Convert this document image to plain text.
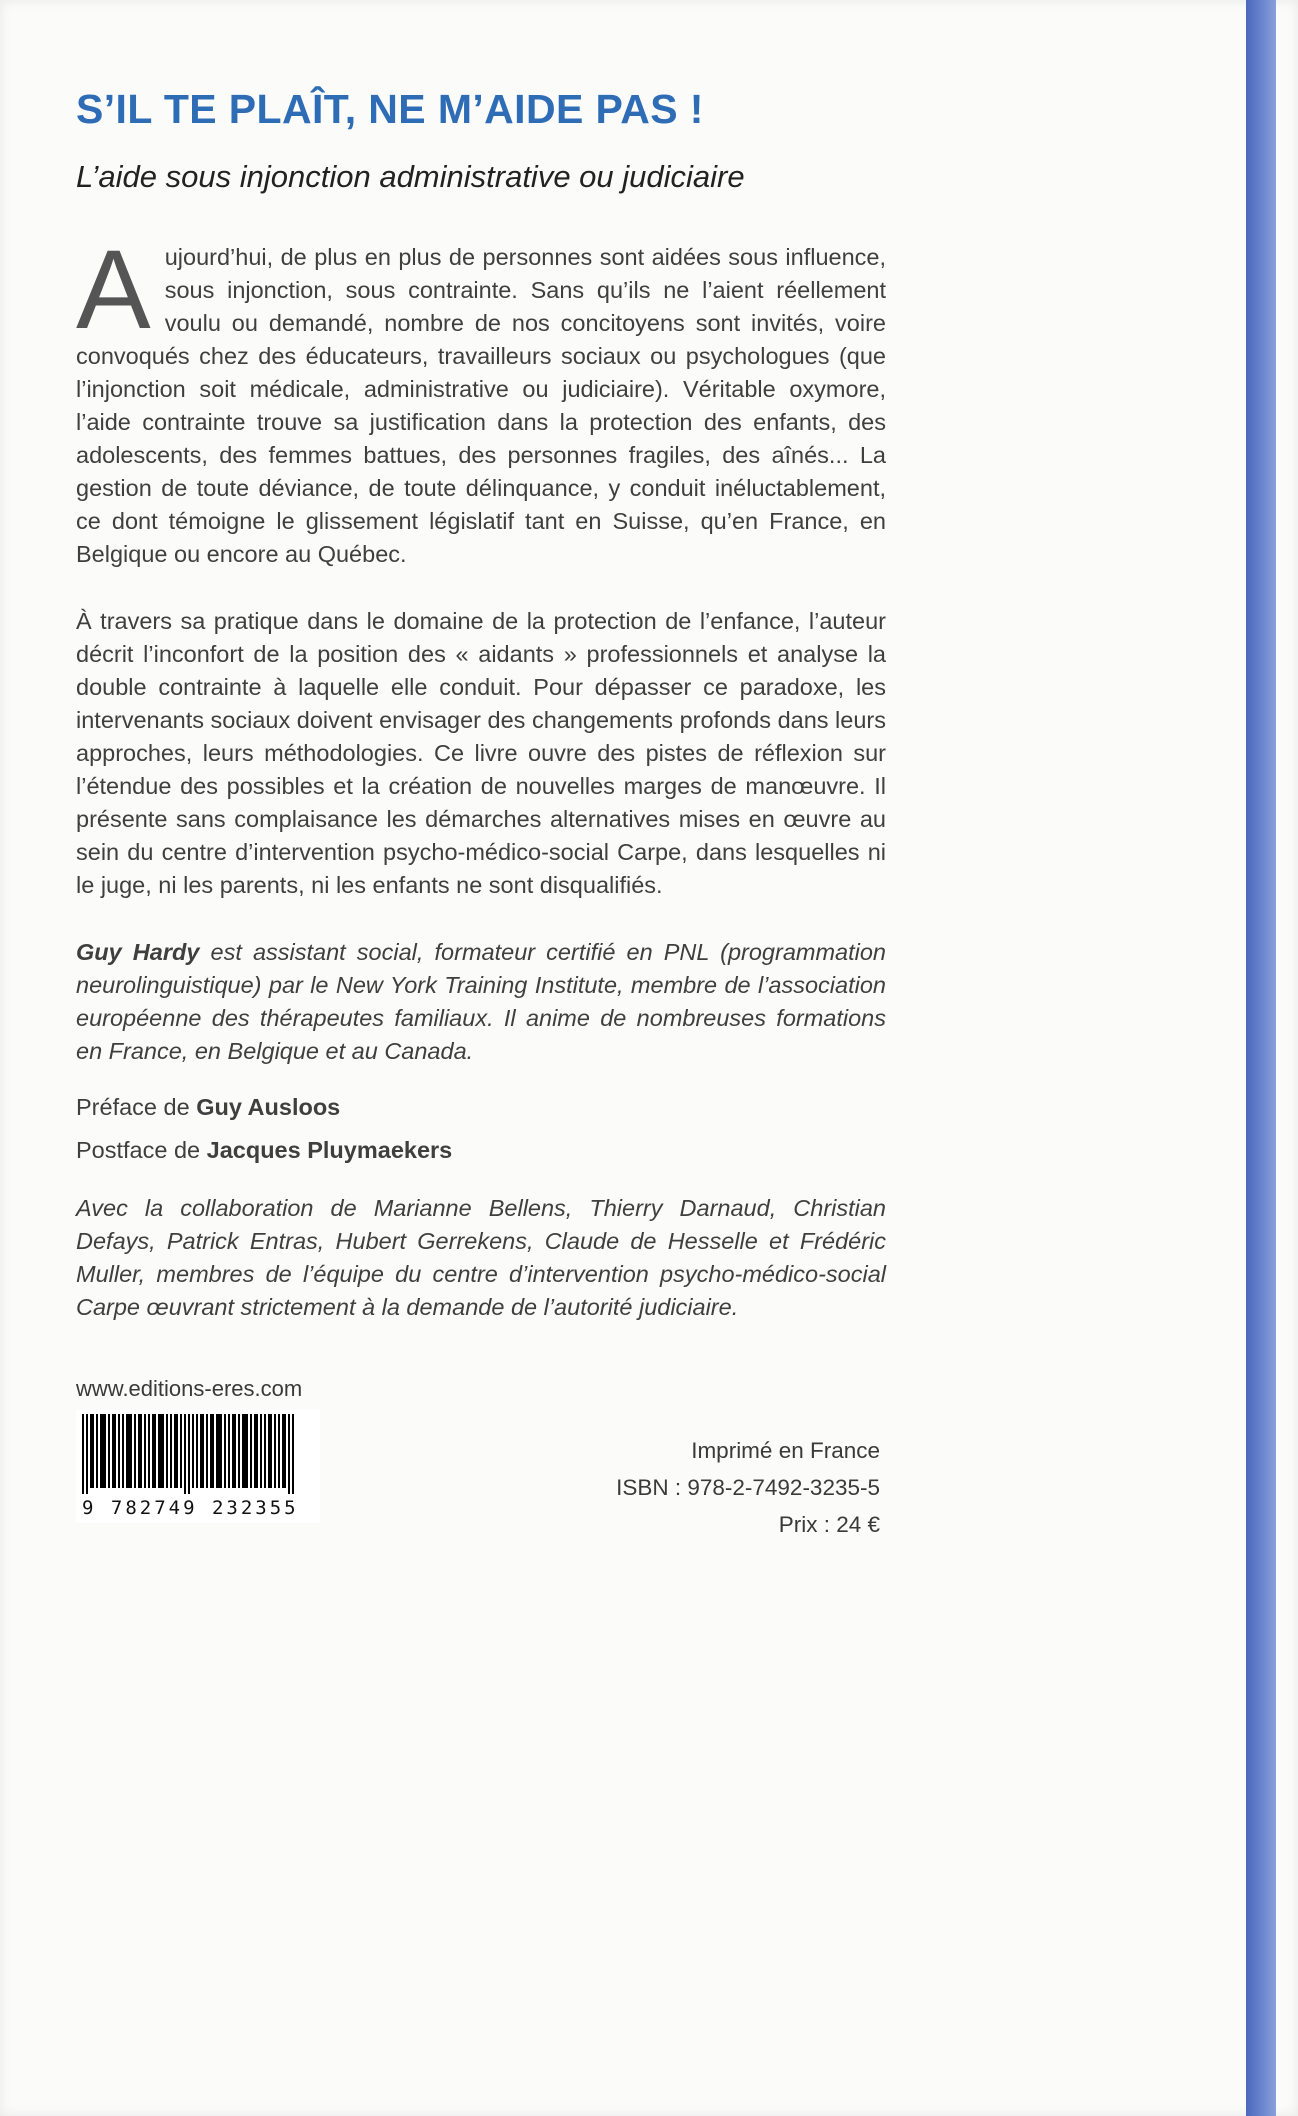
S’IL TE PLAÎT, NE M’AIDE PAS !
L’aide sous injonction administrative ou judiciaire

Aujourd’hui, de plus en plus de personnes sont aidées sous influence, sous injonction, sous contrainte. Sans qu’ils ne l’aient réellement voulu ou demandé, nombre de nos concitoyens sont invités, voire convoqués chez des éducateurs, travailleurs sociaux ou psychologues (que l’injonction soit médicale, administrative ou judiciaire). Véritable oxymore, l’aide contrainte trouve sa justification dans la protection des enfants, des adolescents, des femmes battues, des personnes fragiles, des aînés... La gestion de toute déviance, de toute délinquance, y conduit inéluctablement, ce dont témoigne le glissement législatif tant en Suisse, qu’en France, en Belgique ou encore au Québec.

À travers sa pratique dans le domaine de la protection de l’enfance, l’auteur décrit l’inconfort de la position des « aidants » professionnels et analyse la double contrainte à laquelle elle conduit. Pour dépasser ce paradoxe, les intervenants sociaux doivent envisager des changements profonds dans leurs approches, leurs méthodologies. Ce livre ouvre des pistes de réflexion sur l’étendue des possibles et la création de nouvelles marges de manœuvre. Il présente sans complaisance les démarches alternatives mises en œuvre au sein du centre d’intervention psycho-médico-social Carpe, dans lesquelles ni le juge, ni les parents, ni les enfants ne sont disqualifiés.

Guy Hardy est assistant social, formateur certifié en PNL (programmation neurolinguistique) par le New York Training Institute, membre de l’association européenne des thérapeutes familiaux. Il anime de nombreuses formations en France, en Belgique et au Canada.

Préface de Guy Ausloos

Postface de Jacques Pluymaekers

Avec la collaboration de Marianne Bellens, Thierry Darnaud, Christian Defays, Patrick Entras, Hubert Gerrekens, Claude de Hesselle et Frédéric Muller, membres de l’équipe du centre d’intervention psycho-médico-social Carpe œuvrant strictement à la demande de l’autorité judiciaire.

www.editions-eres.com
9 782749 232355
Imprimé en France
ISBN : 978-2-7492-3235-5
Prix : 24 €
